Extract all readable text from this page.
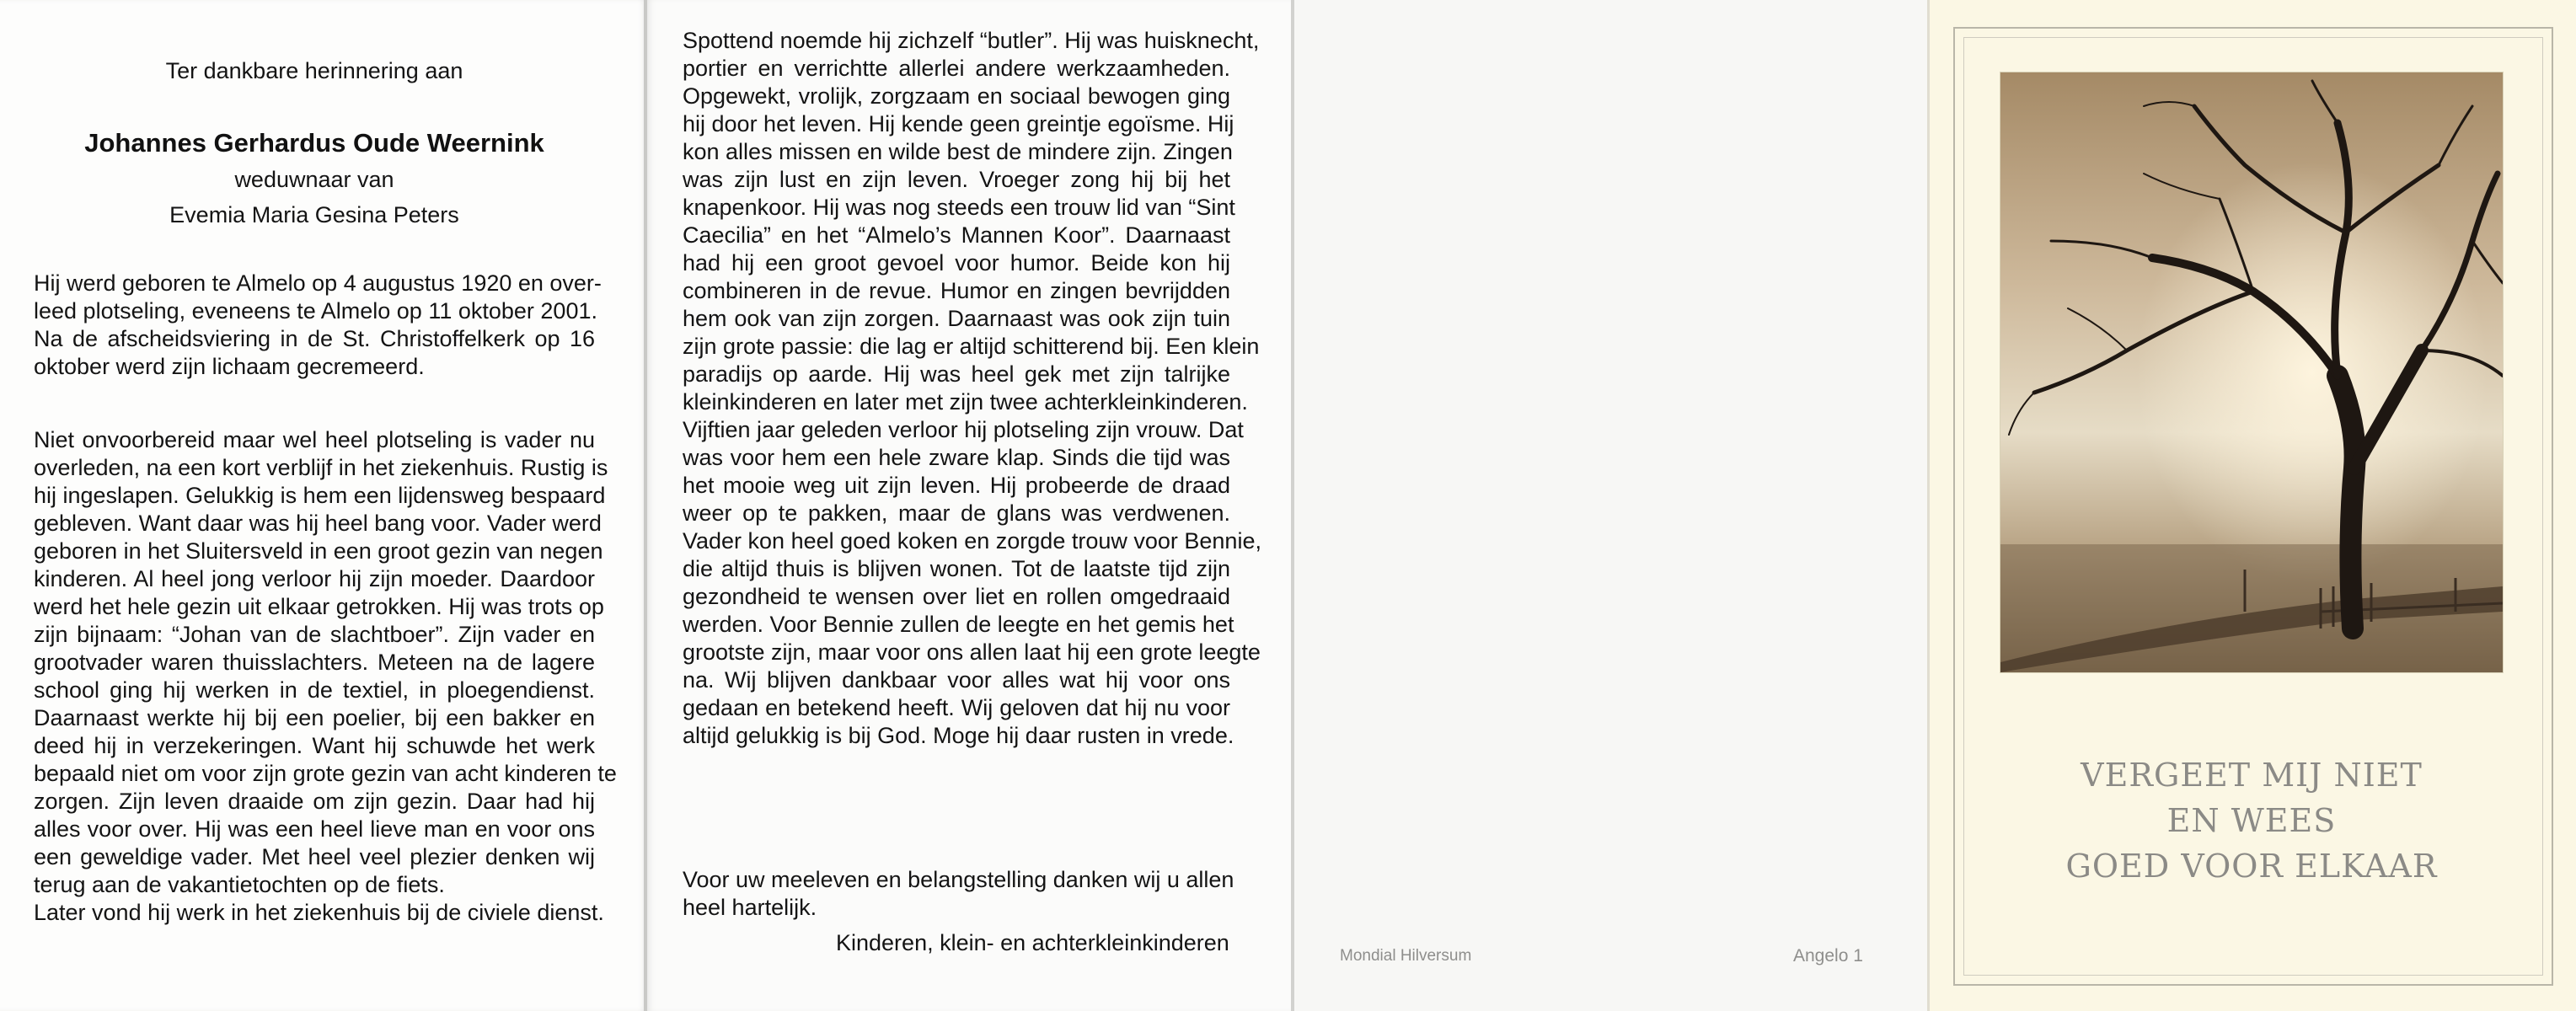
Ter dankbare herinnering aan
Johannes Gerhardus Oude Weernink
weduwnaar van
Evemia Maria Gesina Peters
Hij werd geboren te Almelo op 4 augustus 1920 en over-
leed plotseling, eveneens te Almelo op 11 oktober 2001.
Na de afscheidsviering in de St. Christoffelkerk op 16
oktober werd zijn lichaam gecremeerd.
Niet onvoorbereid maar wel heel plotseling is vader nu
overleden, na een kort verblijf in het ziekenhuis. Rustig is
hij ingeslapen. Gelukkig is hem een lijdensweg bespaard
gebleven. Want daar was hij heel bang voor. Vader werd
geboren in het Sluitersveld in een groot gezin van negen
kinderen. Al heel jong verloor hij zijn moeder. Daardoor
werd het hele gezin uit elkaar getrokken. Hij was trots op
zijn bijnaam: “Johan van de slachtboer”. Zijn vader en
grootvader waren thuisslachters. Meteen na de lagere
school ging hij werken in de textiel, in ploegendienst.
Daarnaast werkte hij bij een poelier, bij een bakker en
deed hij in verzekeringen. Want hij schuwde het werk
bepaald niet om voor zijn grote gezin van acht kinderen te
zorgen. Zijn leven draaide om zijn gezin. Daar had hij
alles voor over. Hij was een heel lieve man en voor ons
een geweldige vader. Met heel veel plezier denken wij
terug aan de vakantietochten op de fiets.
Later vond hij werk in het ziekenhuis bij de civiele dienst.
Spottend noemde hij zichzelf “butler”. Hij was huisknecht,
portier en verrichtte allerlei andere werkzaamheden.
Opgewekt, vrolijk, zorgzaam en sociaal bewogen ging
hij door het leven. Hij kende geen greintje egoïsme. Hij
kon alles missen en wilde best de mindere zijn. Zingen
was zijn lust en zijn leven. Vroeger zong hij bij het
knapenkoor. Hij was nog steeds een trouw lid van “Sint
Caecilia” en het “Almelo’s Mannen Koor”. Daarnaast
had hij een groot gevoel voor humor. Beide kon hij
combineren in de revue. Humor en zingen bevrijdden
hem ook van zijn zorgen. Daarnaast was ook zijn tuin
zijn grote passie: die lag er altijd schitterend bij. Een klein
paradijs op aarde. Hij was heel gek met zijn talrijke
kleinkinderen en later met zijn twee achterkleinkinderen.
Vijftien jaar geleden verloor hij plotseling zijn vrouw. Dat
was voor hem een hele zware klap. Sinds die tijd was
het mooie weg uit zijn leven. Hij probeerde de draad
weer op te pakken, maar de glans was verdwenen.
Vader kon heel goed koken en zorgde trouw voor Bennie,
die altijd thuis is blijven wonen. Tot de laatste tijd zijn
gezondheid te wensen over liet en rollen omgedraaid
werden. Voor Bennie zullen de leegte en het gemis het
grootste zijn, maar voor ons allen laat hij een grote leegte
na. Wij blijven dankbaar voor alles wat hij voor ons
gedaan en betekend heeft. Wij geloven dat hij nu voor
altijd gelukkig is bij God. Moge hij daar rusten in vrede.
Voor uw meeleven en belangstelling danken wij u allen
heel hartelijk.
Kinderen, klein- en achterkleinkinderen
Mondial Hilversum	Angelo 1
VERGEET MIJ NIET
EN WEES
GOED VOOR ELKAAR
